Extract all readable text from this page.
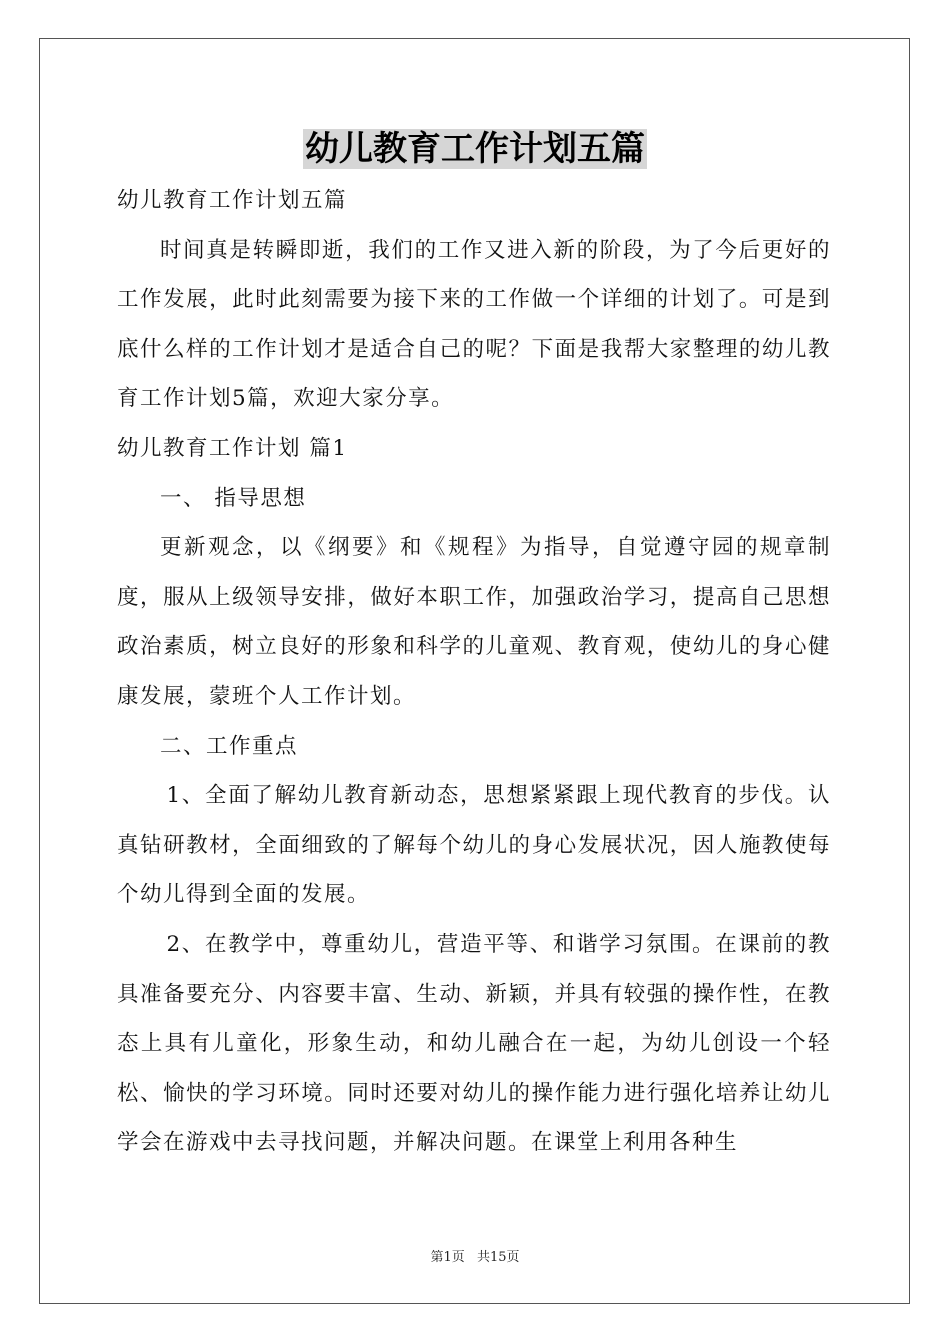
幼儿教育工作计划五篇

幼儿教育工作计划五篇

时间真是转瞬即逝，我们的工作又进入新的阶段，为了今后更好的工作发展，此时此刻需要为接下来的工作做一个详细的计划了。可是到底什么样的工作计划才是适合自己的呢？下面是我帮大家整理的幼儿教育工作计划5篇，欢迎大家分享。

幼儿教育工作计划 篇1

一、 指导思想

更新观念，以《纲要》和《规程》为指导，自觉遵守园的规章制度，服从上级领导安排，做好本职工作，加强政治学习，提高自己思想政治素质，树立良好的形象和科学的儿童观、教育观，使幼儿的身心健康发展，蒙班个人工作计划。

二、工作重点

1、全面了解幼儿教育新动态，思想紧紧跟上现代教育的步伐。认真钻研教材，全面细致的了解每个幼儿的身心发展状况，因人施教使每个幼儿得到全面的发展。

2、在教学中，尊重幼儿，营造平等、和谐学习氛围。在课前的教具准备要充分、内容要丰富、生动、新颖，并具有较强的操作性，在教态上具有儿童化，形象生动，和幼儿融合在一起，为幼儿创设一个轻松、愉快的学习环境。同时还要对幼儿的操作能力进行强化培养让幼儿学会在游戏中去寻找问题，并解决问题。在课堂上利用各种生

第1页 共15页
